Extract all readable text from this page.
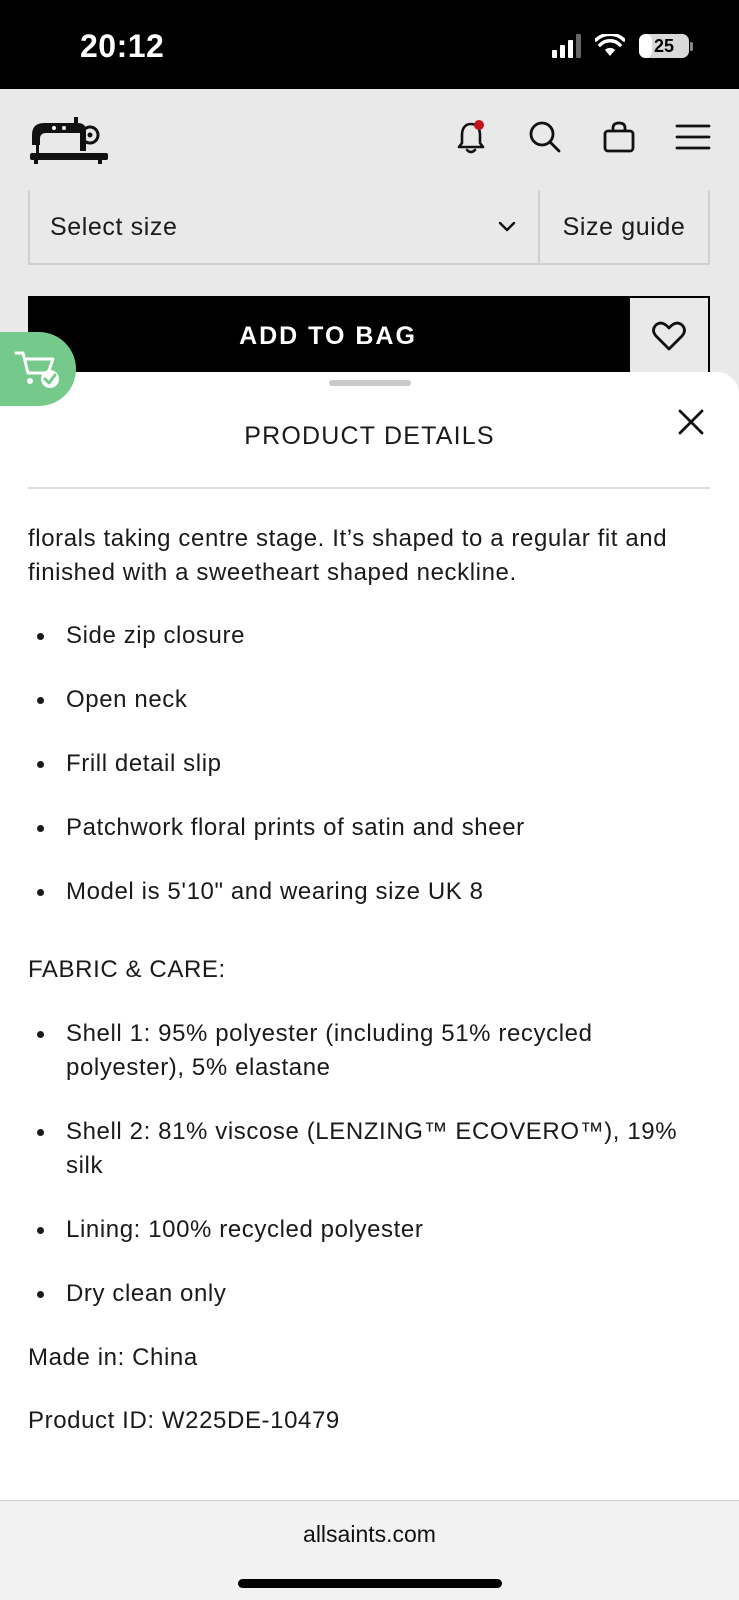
20:12	25
Select size	Size guide
ADD TO BAG
PRODUCT DETAILS

florals taking centre stage. It’s shaped to a regular fit and finished with a sweetheart shaped neckline.

Side zip closure
Open neck
Frill detail slip
Patchwork floral prints of satin and sheer
Model is 5'10" and wearing size UK 8

FABRIC & CARE:

Shell 1: 95% polyester (including 51% recycled polyester), 5% elastane
Shell 2: 81% viscose (LENZING™ ECOVERO™), 19% silk
Lining: 100% recycled polyester
Dry clean only

Made in: China

Product ID: W225DE-10479

allsaints.com
